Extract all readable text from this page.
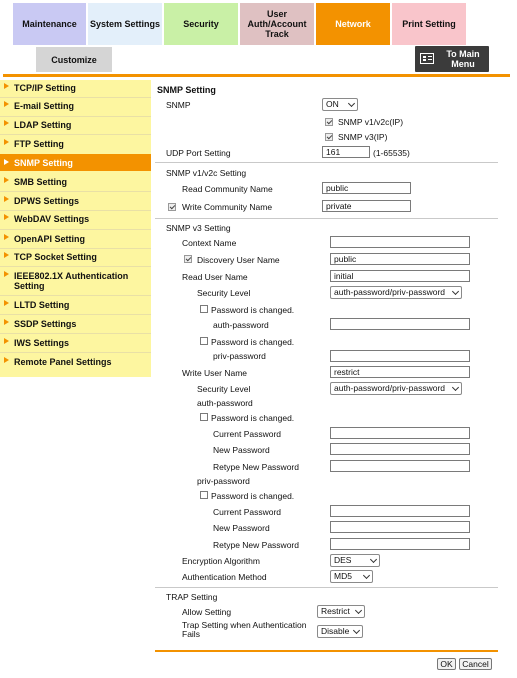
Maintenance System Settings	Security
User
Auth/Account
Track
Network	Print Setting
Customize
To Main
Menu
TCP/IP Setting
E-mail Setting
LDAP Setting
FTP Setting
SNMP Setting
SMB Setting
DPWS Settings
WebDAV Settings
OpenAPI Setting
TCP Socket Setting
IEEE802.1X Authentication Setting
LLTD Setting
SSDP Settings
IWS Settings
Remote Panel Settings
SNMP Setting
SNMP	ON
SNMP v1/v2c(IP)
SNMP v3(IP)
UDP Port Setting	161	(1-65535)
SNMP v1/v2c Setting
Read Community Name	public
Write Community Name	private
SNMP v3 Setting
Context Name
Discovery User Name	public
Read User Name	initial
Security Level	auth-password/priv-password
Password is changed.
auth-password
Password is changed.
priv-password
Write User Name	restrict
Security Level	auth-password/priv-password
auth-password
Password is changed.
Current Password
New Password
Retype New Password
priv-password
Password is changed.
Current Password
New Password
Retype New Password
Encryption Algorithm	DES
Authentication Method	MD5
TRAP Setting
Allow Setting	Restrict
Trap Setting when Authentication Fails	Disable
OK	Cancel
